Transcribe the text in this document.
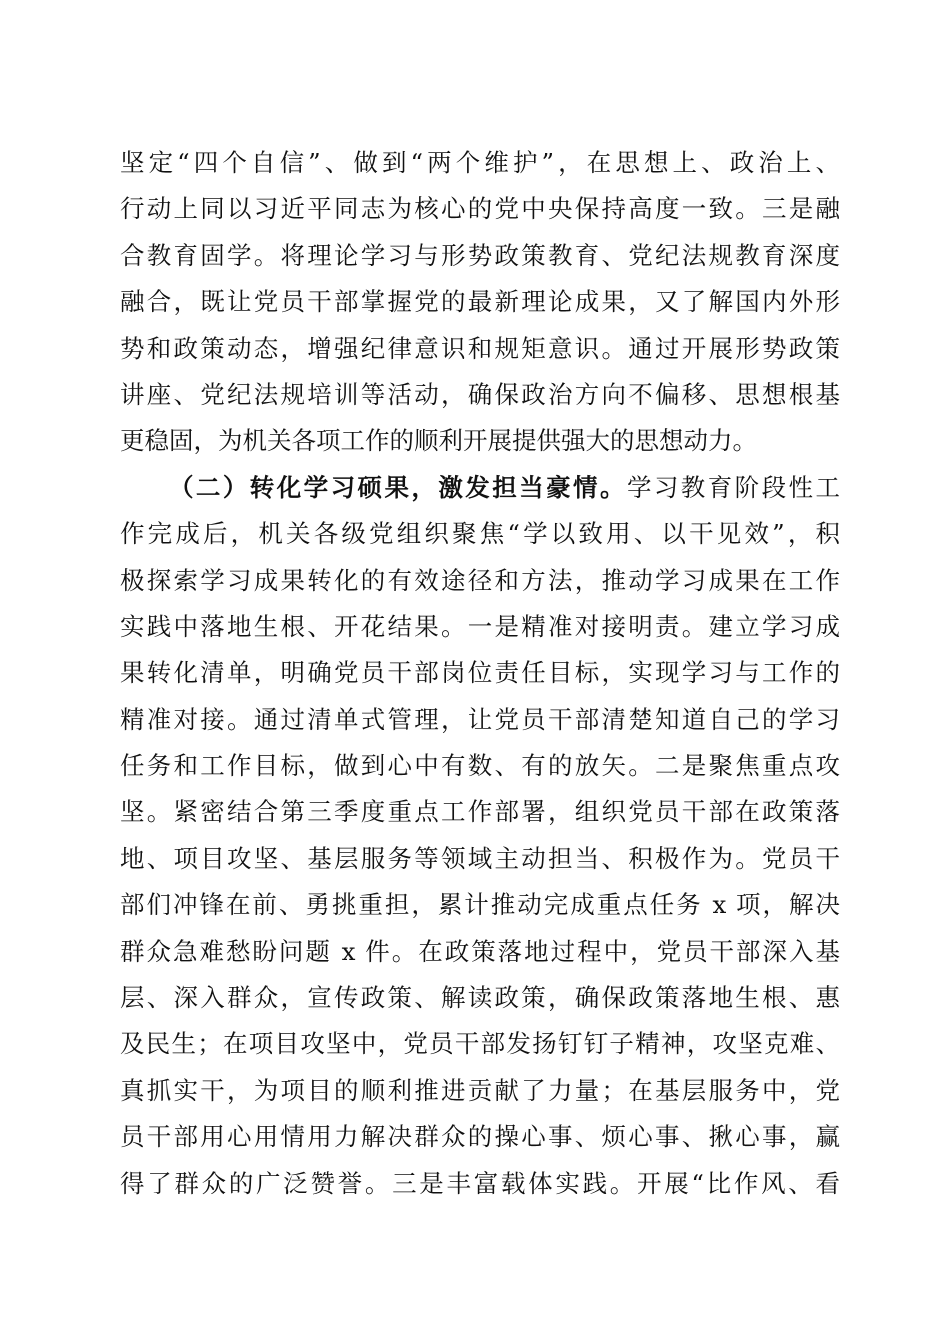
坚定“四个自信”、做到“两个维护”，在思想上、政治上、
行动上同以习近平同志为核心的党中央保持高度一致。三是融
合教育固学。将理论学习与形势政策教育、党纪法规教育深度
融合，既让党员干部掌握党的最新理论成果，又了解国内外形
势和政策动态，增强纪律意识和规矩意识。通过开展形势政策
讲座、党纪法规培训等活动，确保政治方向不偏移、思想根基
更稳固，为机关各项工作的顺利开展提供强大的思想动力。
（二）转化学习硕果，激发担当豪情。学习教育阶段性工
作完成后，机关各级党组织聚焦“学以致用、以干见效”，积
极探索学习成果转化的有效途径和方法，推动学习成果在工作
实践中落地生根、开花结果。一是精准对接明责。建立学习成
果转化清单，明确党员干部岗位责任目标，实现学习与工作的
精准对接。通过清单式管理，让党员干部清楚知道自己的学习
任务和工作目标，做到心中有数、有的放矢。二是聚焦重点攻
坚。紧密结合第三季度重点工作部署，组织党员干部在政策落
地、项目攻坚、基层服务等领域主动担当、积极作为。党员干
部们冲锋在前、勇挑重担，累计推动完成重点任务 x 项，解决
群众急难愁盼问题 x 件。在政策落地过程中，党员干部深入基
层、深入群众，宣传政策、解读政策，确保政策落地生根、惠
及民生；在项目攻坚中，党员干部发扬钉钉子精神，攻坚克难、
真抓实干，为项目的顺利推进贡献了力量；在基层服务中，党
员干部用心用情用力解决群众的操心事、烦心事、揪心事，赢
得了群众的广泛赞誉。三是丰富载体实践。开展“比作风、看
